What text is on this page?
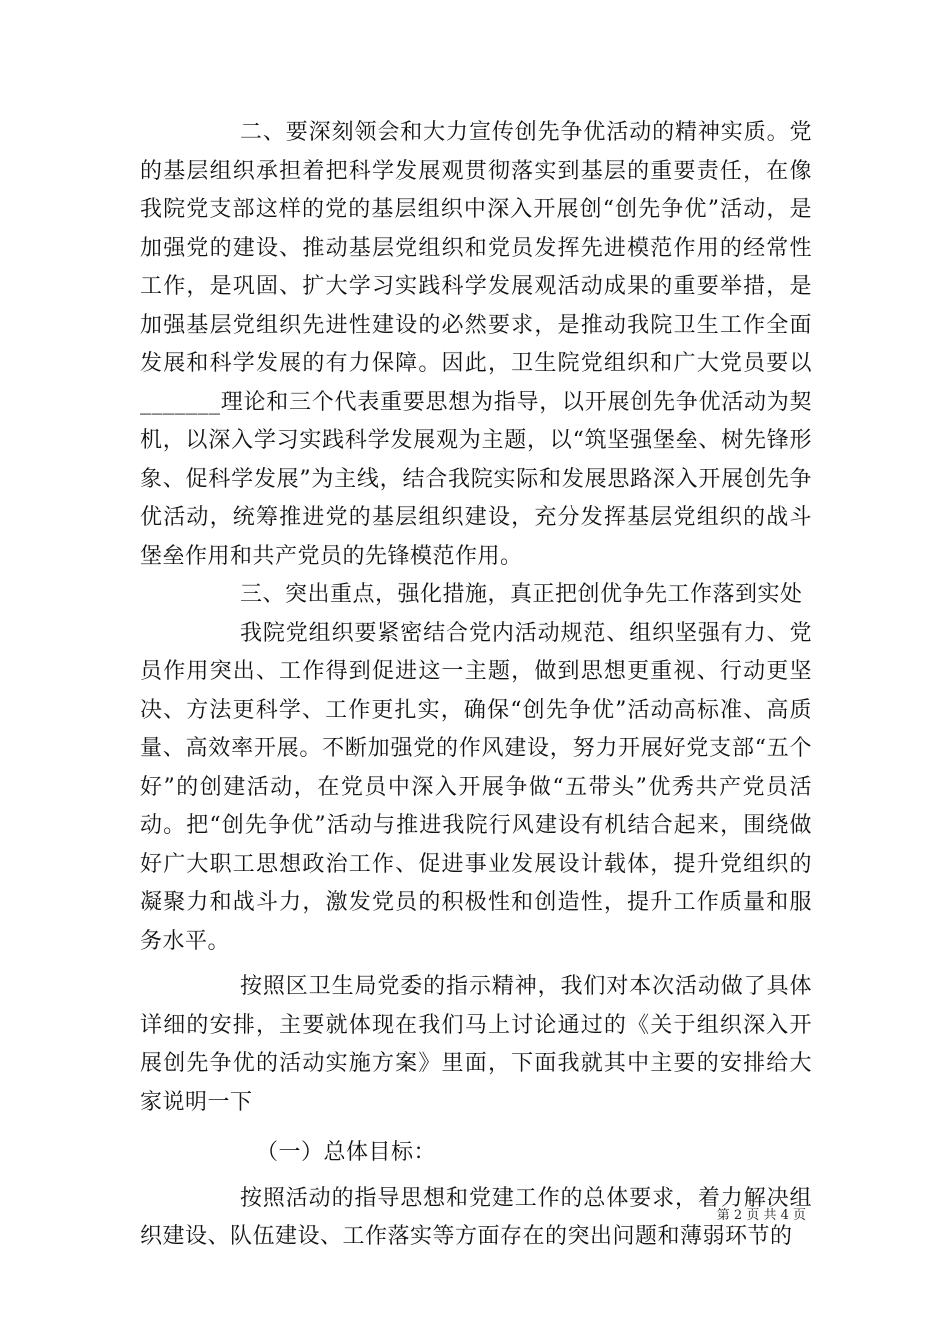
二、要深刻领会和大力宣传创先争优活动的精神实质。党的基层组织承担着把科学发展观贯彻落实到基层的重要责任，在像我院党支部这样的党的基层组织中深入开展创“创先争优”活动，是加强党的建设、推动基层党组织和党员发挥先进模范作用的经常性工作，是巩固、扩大学习实践科学发展观活动成果的重要举措，是加强基层党组织先进性建设的必然要求，是推动我院卫生工作全面发展和科学发展的有力保障。因此，卫生院党组织和广大党员要以_______理论和三个代表重要思想为指导，以开展创先争优活动为契机，以深入学习实践科学发展观为主题，以“筑坚强堡垒、树先锋形象、促科学发展”为主线，结合我院实际和发展思路深入开展创先争优活动，统筹推进党的基层组织建设，充分发挥基层党组织的战斗堡垒作用和共产党员的先锋模范作用。

三、突出重点，强化措施，真正把创优争先工作落到实处

我院党组织要紧密结合党内活动规范、组织坚强有力、党员作用突出、工作得到促进这一主题，做到思想更重视、行动更坚决、方法更科学、工作更扎实，确保“创先争优”活动高标准、高质量、高效率开展。不断加强党的作风建设，努力开展好党支部“五个好”的创建活动，在党员中深入开展争做“五带头”优秀共产党员活动。把“创先争优”活动与推进我院行风建设有机结合起来，围绕做好广大职工思想政治工作、促进事业发展设计载体，提升党组织的凝聚力和战斗力，激发党员的积极性和创造性，提升工作质量和服务水平。

按照区卫生局党委的指示精神，我们对本次活动做了具体详细的安排，主要就体现在我们马上讨论通过的《关于组织深入开展创先争优的活动实施方案》里面，下面我就其中主要的安排给大家说明一下

（一）总体目标：

按照活动的指导思想和党建工作的总体要求，着力解决组织建设、队伍建设、工作落实等方面存在的突出问题和薄弱环节的

第 2 页 共 4 页
